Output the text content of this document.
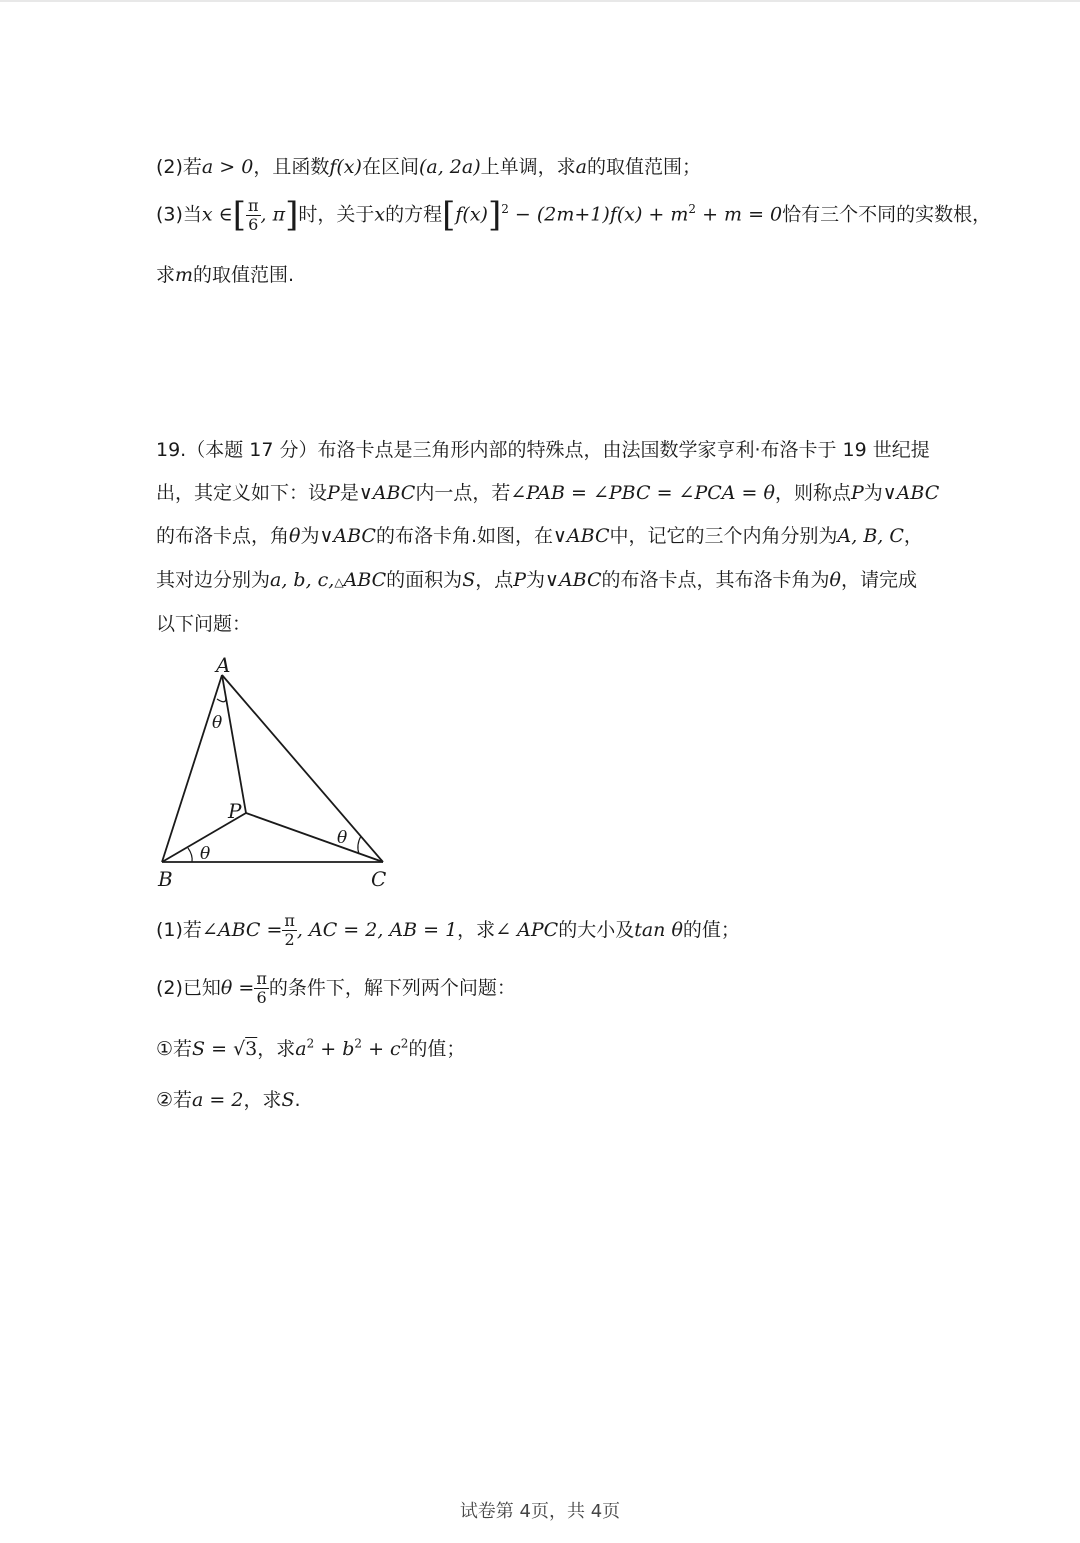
(2)若a > 0，且函数f(x)在区间(a, 2a)上单调，求a的取值范围；
(3)当x ∈[ $\frac{\pi}{6}$ , π]时，关于x的方程$[f(x)]^2 - (2m+1)f(x) + m^2 + m = 0$恰有三个不同的实数根，
求m的取值范围.
19.（本题 17 分）布洛卡点是三角形内部的特殊点，由法国数学家亨利·布洛卡于 19 世纪提
出，其定义如下：设P是∨ABC内一点，若∠PAB = ∠PBC = ∠PCA = θ，则称点P为∨ABC
的布洛卡点，角θ为∨ABC的布洛卡角.如图，在∨ABC中，记它的三个内角分别为A, B, C，
其对边分别为a, b, c,△ABC的面积为S，点P为∨ABC的布洛卡点，其布洛卡角为θ，请完成
以下问题：
A
B	C
P
θ
θ
θ
(1)若∠ABC = $\frac{\pi}{2}$ , AC = 2, AB = 1，求∠ APC的大小及tan θ的值；
(2)已知$\theta = \frac{\pi}{6}$ 的条件下，解下列两个问题：
①若S = √3，求$a^2 + b^2 + c^2$的值；
②若a = 2，求S.
试卷第 4页，共 4页
